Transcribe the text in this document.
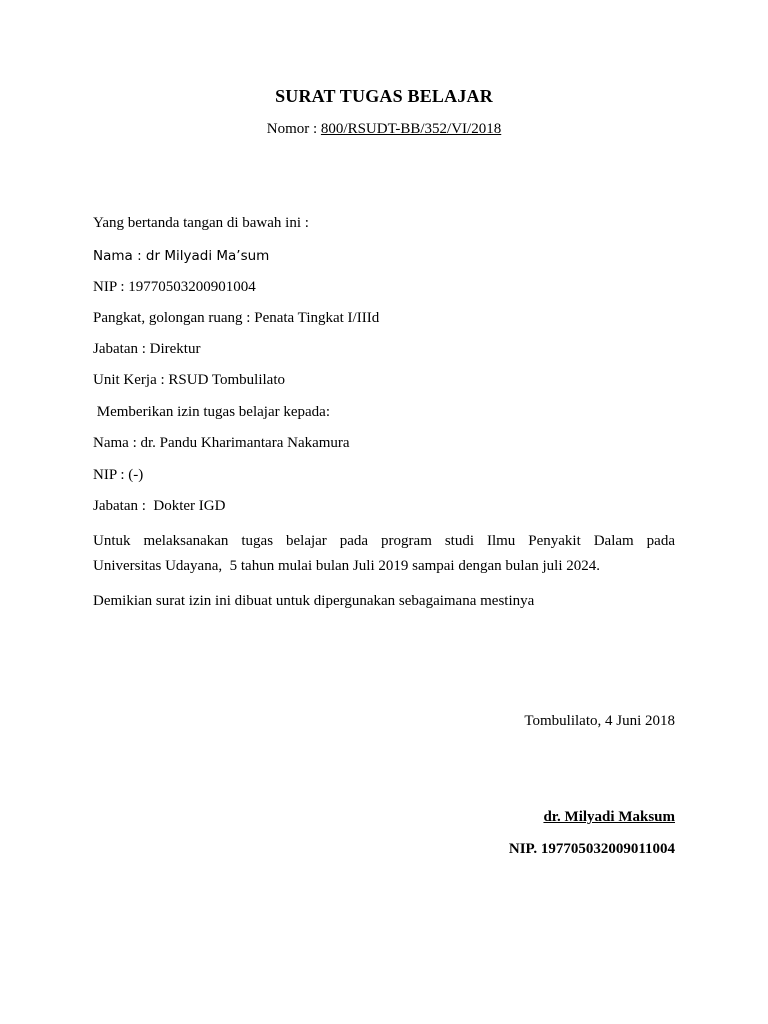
SURAT TUGAS BELAJAR
Nomor : 800/RSUDT-BB/352/VI/2018
Yang bertanda tangan di bawah ini :
Nama : dr Milyadi Ma’sum
NIP : 19770503200901004
Pangkat, golongan ruang : Penata Tingkat I/IIId
Jabatan : Direktur
Unit Kerja : RSUD Tombulilato
Memberikan izin tugas belajar kepada:
Nama : dr. Pandu Kharimantara Nakamura
NIP : (-)
Jabatan :  Dokter IGD
Untuk melaksanakan tugas belajar pada program studi Ilmu Penyakit Dalam pada
Universitas Udayana,  5 tahun mulai bulan Juli 2019 sampai dengan bulan juli 2024.
Demikian surat izin ini dibuat untuk dipergunakan sebagaimana mestinya
Tombulilato, 4 Juni 2018
dr. Milyadi Maksum
NIP. 197705032009011004
